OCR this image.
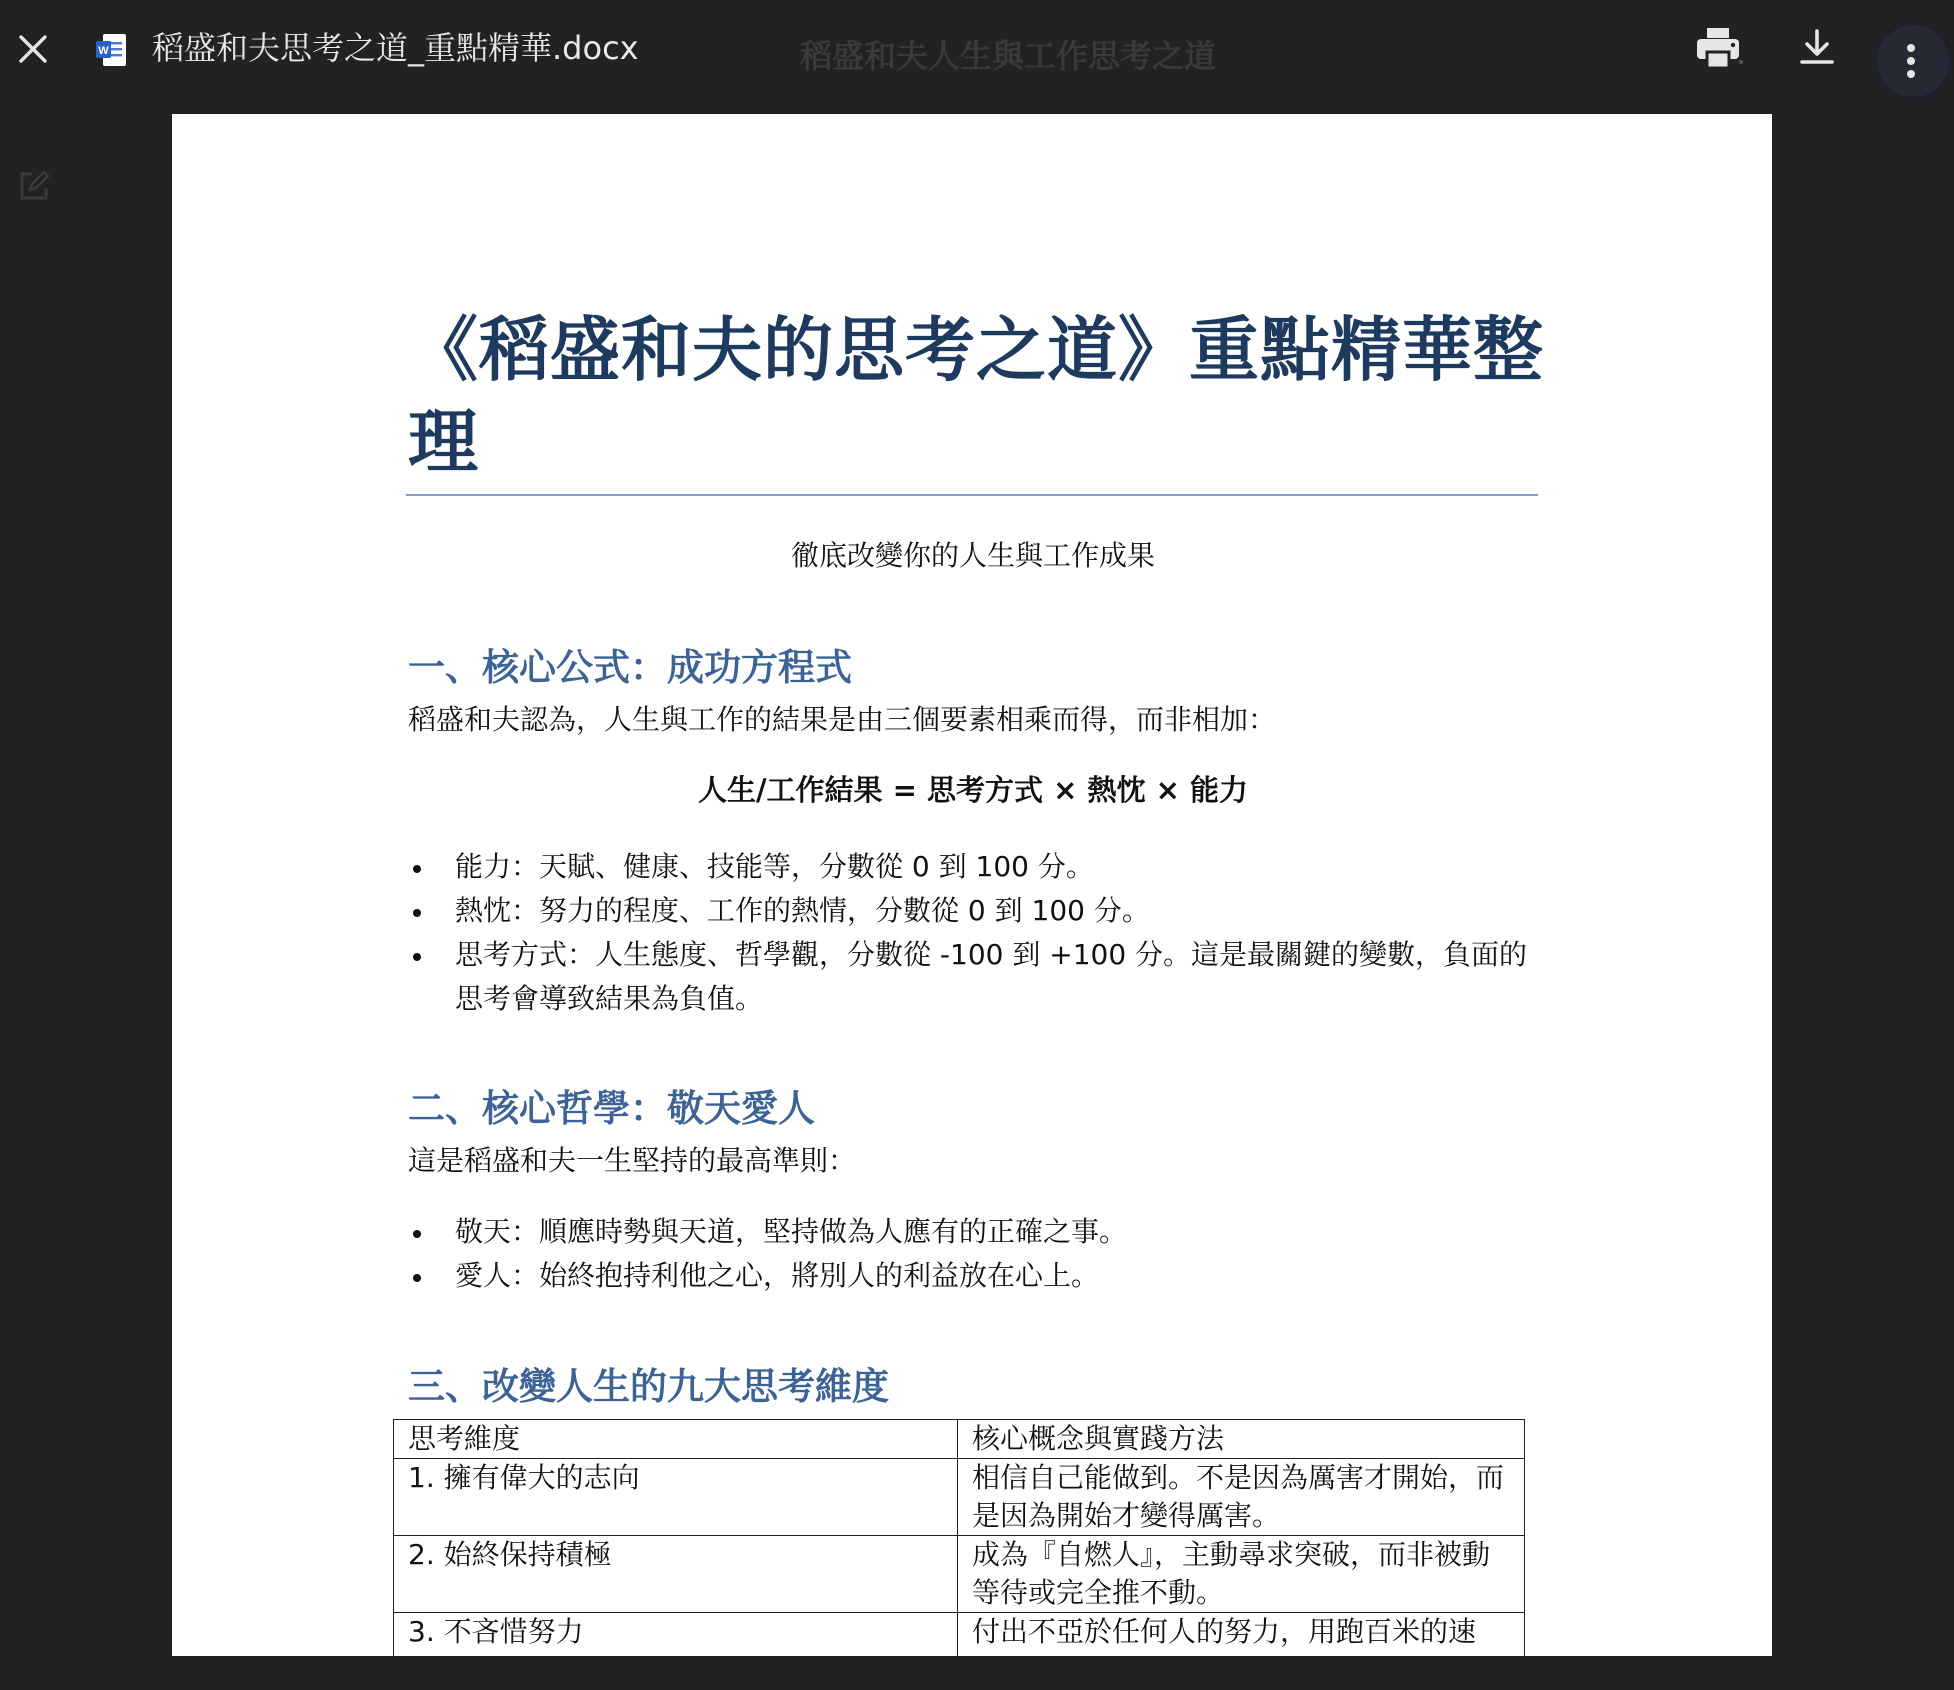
W 稻盛和夫思考之道_重點精華.docx	稻盛和夫人生與工作思考之道
《稻盛和夫的思考之道》重點精華整理
徹底改變你的人生與工作成果
一、核心公式：成功方程式
稻盛和夫認為，人生與工作的結果是由三個要素相乘而得，而非相加：
人生/工作結果 = 思考方式 × 熱忱 × 能力
能力：天賦、健康、技能等，分數從 0 到 100 分。
熱忱：努力的程度、工作的熱情，分數從 0 到 100 分。
思考方式：人生態度、哲學觀，分數從 -100 到 +100 分。這是最關鍵的變數，負面的思考會導致結果為負值。
二、核心哲學：敬天愛人
這是稻盛和夫一生堅持的最高準則：
敬天：順應時勢與天道，堅持做為人應有的正確之事。
愛人：始終抱持利他之心，將別人的利益放在心上。
三、改變人生的九大思考維度
思考維度	核心概念與實踐方法
1. 擁有偉大的志向	相信自己能做到。不是因為厲害才開始，而是因為開始才變得厲害。
2. 始終保持積極	成為『自燃人』，主動尋求突破，而非被動等待或完全推不動。
3. 不吝惜努力	付出不亞於任何人的努力，用跑百米的速
